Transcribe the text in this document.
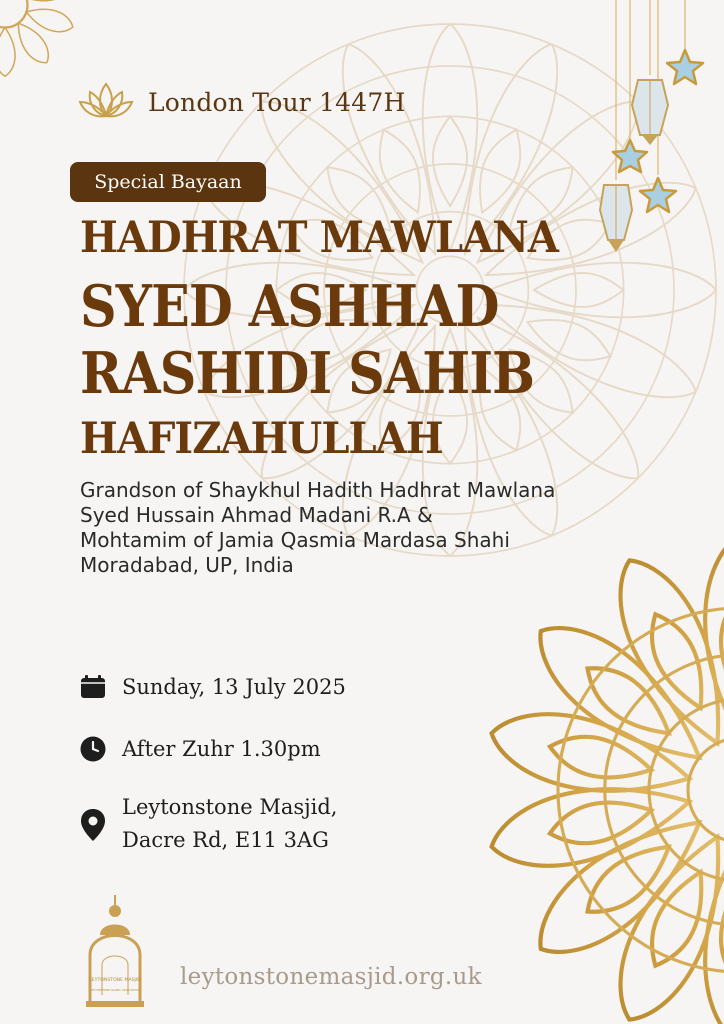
London Tour 1447H
Special Bayaan
HADHRAT MAWLANA
SYED ASHHAD
RASHIDI SAHIB
HAFIZAHULLAH
Grandson of Shaykhul Hadith Hadhrat Mawlana
Syed Hussain Ahmad Madani R.A &
Mohtamim of Jamia Qasmia Mardasa Shahi
Moradabad, UP, India
Sunday, 13 July 2025
After Zuhr 1.30pm
Leytonstone Masjid,
Dacre Rd, E11 3AG
LEYTONSTONE MASJID
LEYTONSTONE ISLAMIC ASSOCIATION
leytonstonemasjid.org.uk
